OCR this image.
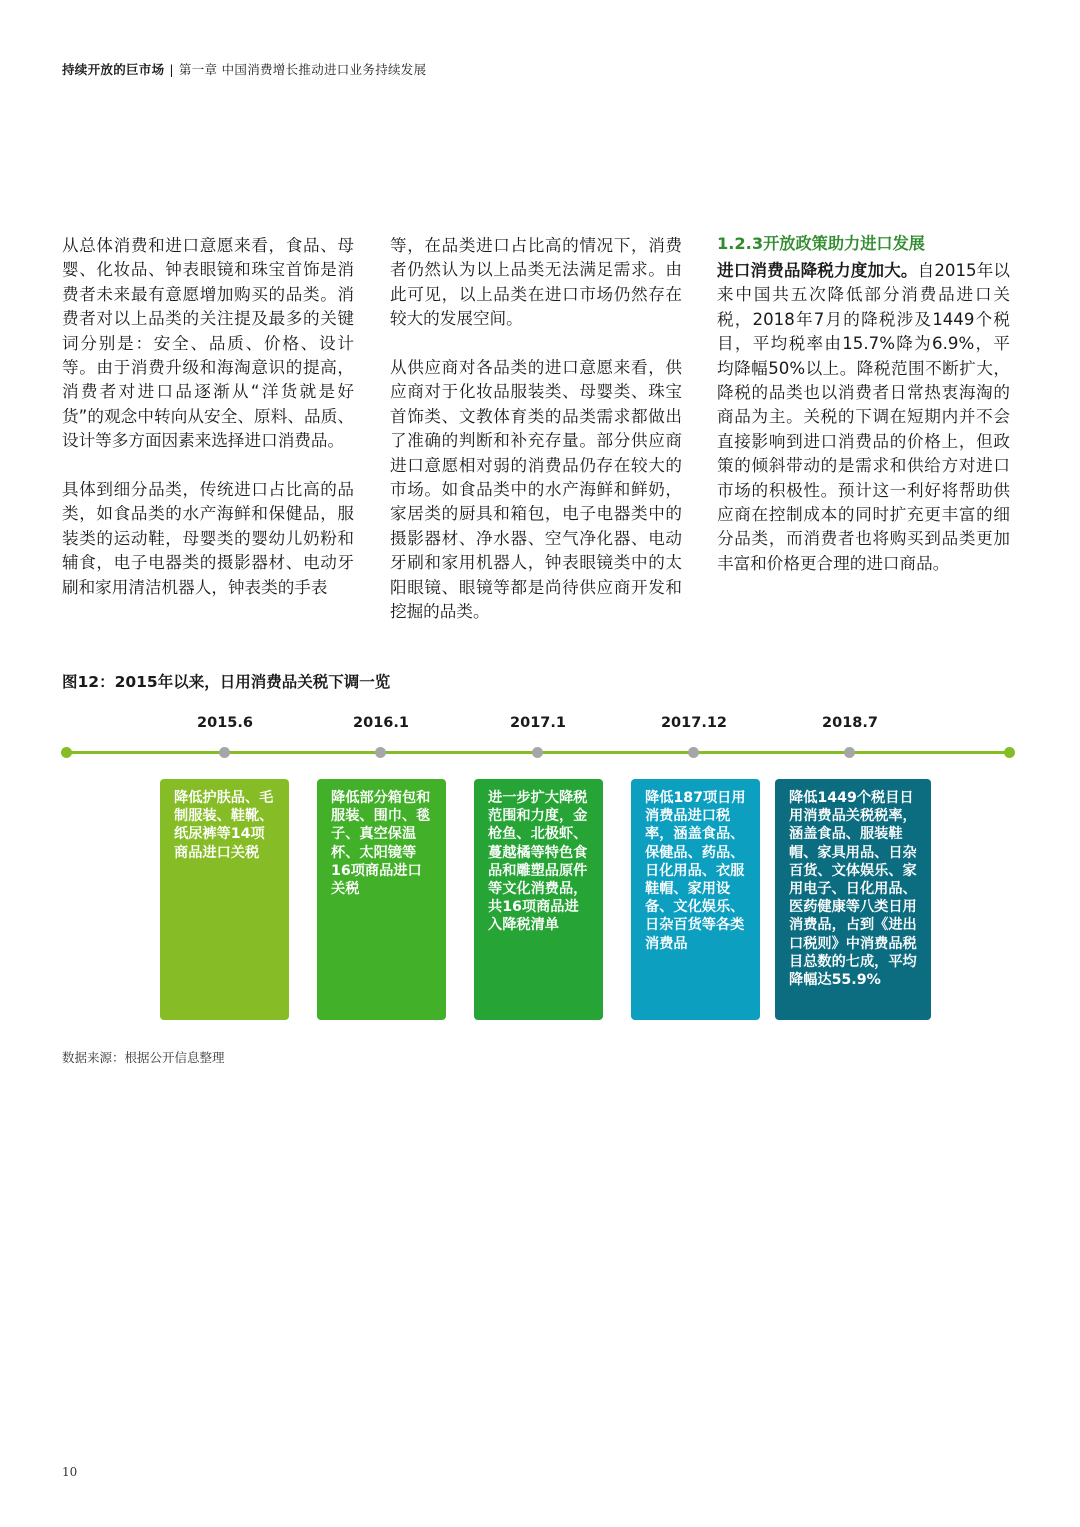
持续开放的巨市场 | 第一章 中国消费增长推动进口业务持续发展

从总体消费和进口意愿来看，食品、母婴、化妆品、钟表眼镜和珠宝首饰是消费者未来最有意愿增加购买的品类。消费者对以上品类的关注提及最多的关键词分别是：安全、品质、价格、设计等。由于消费升级和海淘意识的提高，消费者对进口品逐渐从“洋货就是好货”的观念中转向从安全、原料、品质、设计等多方面因素来选择进口消费品。

具体到细分品类，传统进口占比高的品类，如食品类的水产海鲜和保健品，服装类的运动鞋，母婴类的婴幼儿奶粉和辅食，电子电器类的摄影器材、电动牙刷和家用清洁机器人，钟表类的手表

等，在品类进口占比高的情况下，消费者仍然认为以上品类无法满足需求。由此可见，以上品类在进口市场仍然存在较大的发展空间。

从供应商对各品类的进口意愿来看，供应商对于化妆品服装类、母婴类、珠宝首饰类、文教体育类的品类需求都做出了准确的判断和补充存量。部分供应商进口意愿相对弱的消费品仍存在较大的市场。如食品类中的水产海鲜和鲜奶，家居类的厨具和箱包，电子电器类中的摄影器材、净水器、空气净化器、电动牙刷和家用机器人，钟表眼镜类中的太阳眼镜、眼镜等都是尚待供应商开发和挖掘的品类。

1.2.3开放政策助力进口发展

进口消费品降税力度加大。自2015年以来中国共五次降低部分消费品进口关税，2018年7月的降税涉及1449个税目，平均税率由15.7%降为6.9%，平均降幅50%以上。降税范围不断扩大，降税的品类也以消费者日常热衷海淘的商品为主。关税的下调在短期内并不会直接影响到进口消费品的价格上，但政策的倾斜带动的是需求和供给方对进口市场的积极性。预计这一利好将帮助供应商在控制成本的同时扩充更丰富的细分品类，而消费者也将购买到品类更加丰富和价格更合理的进口商品。

图12：2015年以来，日用消费品关税下调一览
2015.6	2016.1	2017.1	2017.12	2018.7
降低护肤品、毛制服装、鞋靴、纸尿裤等14项商品进口关税
降低部分箱包和服装、围巾、毯子、真空保温杯、太阳镜等16项商品进口关税
进一步扩大降税范围和力度，金枪鱼、北极虾、蔓越橘等特色食品和雕塑品原件等文化消费品，共16项商品进入降税清单
降低187项日用消费品进口税率，涵盖食品、保健品、药品、日化用品、衣服鞋帽、家用设备、文化娱乐、日杂百货等各类消费品
降低1449个税目日用消费品关税税率，涵盖食品、服装鞋帽、家具用品、日杂百货、文体娱乐、家用电子、日化用品、医药健康等八类日用消费品，占到《进出口税则》中消费品税目总数的七成，平均降幅达55.9%
数据来源：根据公开信息整理
10
